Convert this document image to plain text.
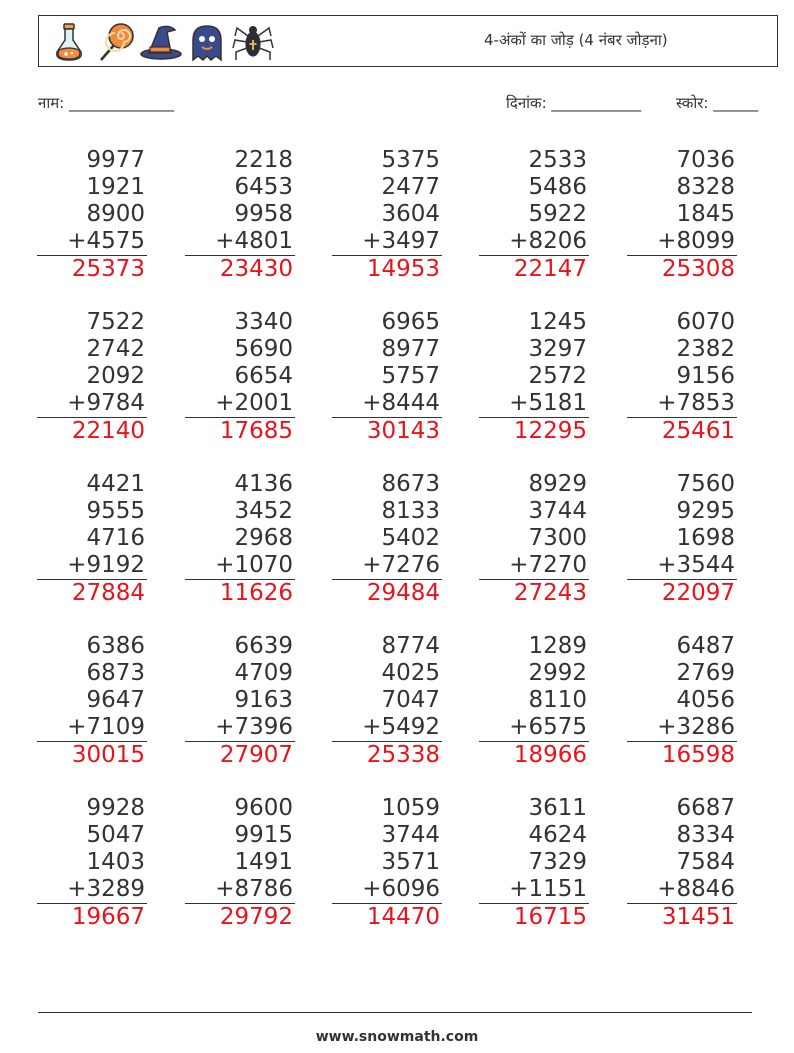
4-अंकों का जोड़ (4 नंबर जोड़ना)
नाम: ______________	दिनांक: ____________ स्कोर: ______
9977
1921
8900
+4575
25373
2218
6453
9958
+4801
23430
5375
2477
3604
+3497
14953
2533
5486
5922
+8206
22147
7036
8328
1845
+8099
25308
7522
2742
2092
+9784
22140
3340
5690
6654
+2001
17685
6965
8977
5757
+8444
30143
1245
3297
2572
+5181
12295
6070
2382
9156
+7853
25461
4421
9555
4716
+9192
27884
4136
3452
2968
+1070
11626
8673
8133
5402
+7276
29484
8929
3744
7300
+7270
27243
7560
9295
1698
+3544
22097
6386
6873
9647
+7109
30015
6639
4709
9163
+7396
27907
8774
4025
7047
+5492
25338
1289
2992
8110
+6575
18966
6487
2769
4056
+3286
16598
9928
5047
1403
+3289
19667
9600
9915
1491
+8786
29792
1059
3744
3571
+6096
14470
3611
4624
7329
+1151
16715
6687
8334
7584
+8846
31451
www.snowmath.com
